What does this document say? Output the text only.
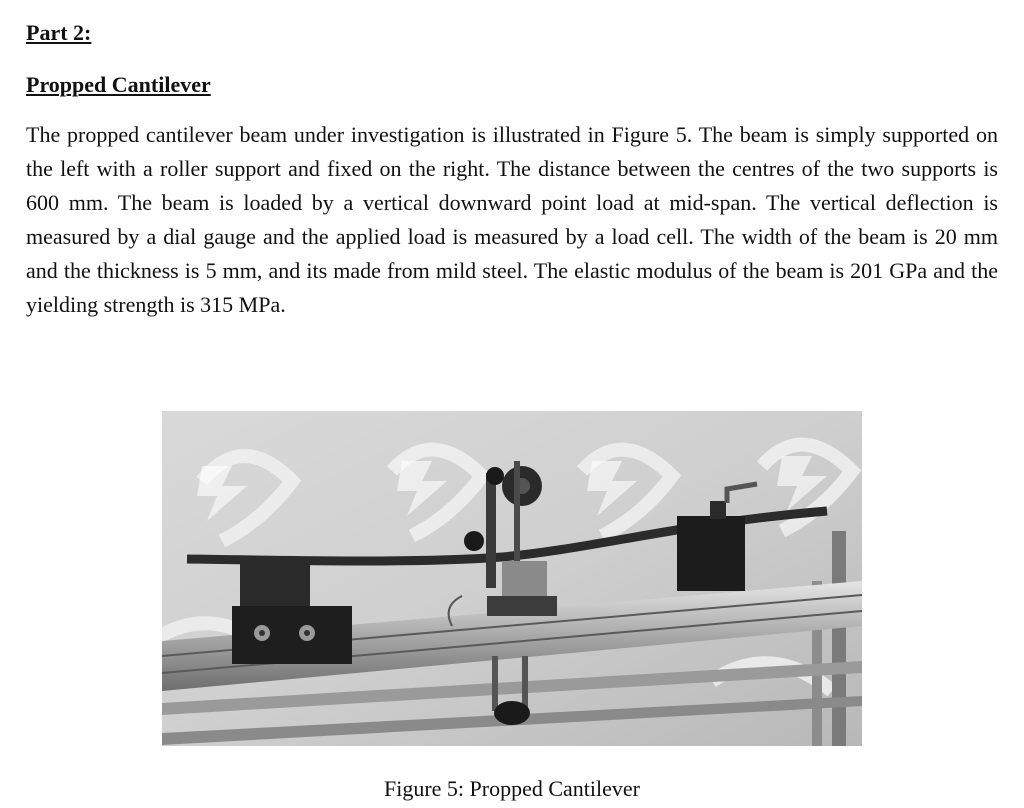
Part 2:
Propped Cantilever

The propped cantilever beam under investigation is illustrated in Figure 5. The beam is simply supported on the left with a roller support and fixed on the right. The distance between the centres of the two supports is 600 mm. The beam is loaded by a vertical downward point load at mid-span. The vertical deflection is measured by a dial gauge and the applied load is measured by a load cell. The width of the beam is 20 mm and the thickness is 5 mm, and its made from mild steel. The elastic modulus of the beam is 201 GPa and the yielding strength is 315 MPa.

Figure 5: Propped Cantilever
